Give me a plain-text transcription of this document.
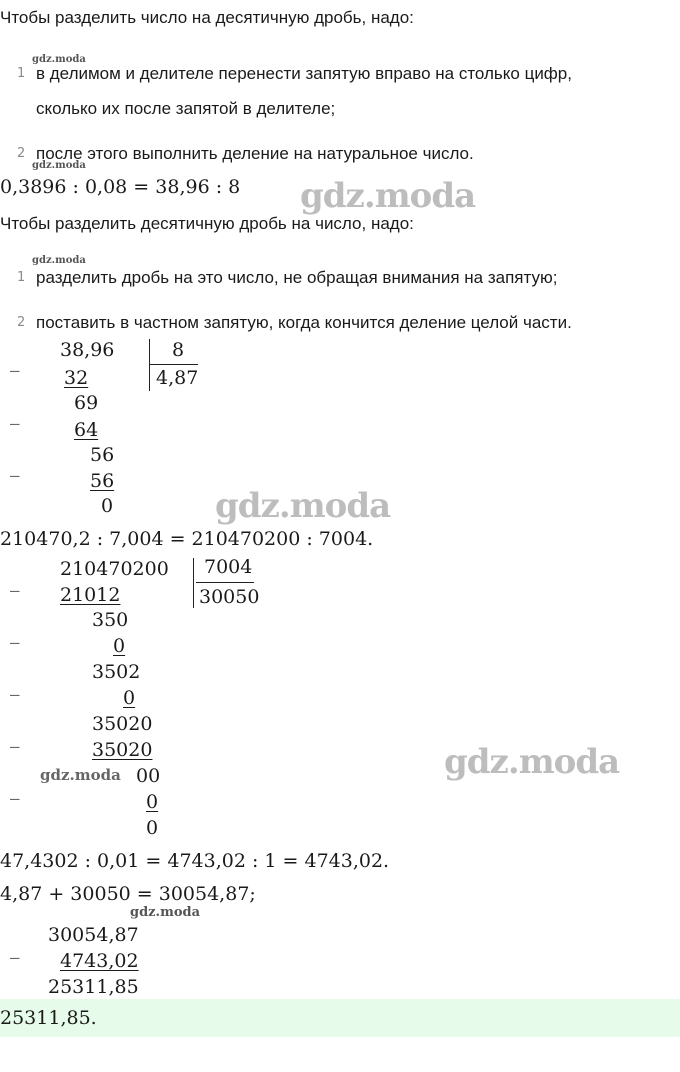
Чтобы разделить число на десятичную дробь, надо:
gdz.moda
1 в делимом и делителе перенести запятую вправо на столько цифр,
сколько их после запятой в делителе;
2 после этого выполнить деление на натуральное число.
gdz.moda
0,3896 : 0,08 = 38,96 : 8 gdz.moda
Чтобы разделить десятичную дробь на число, надо:
gdz.moda
1 разделить дробь на это число, не обращая внимания на запятую;
2 поставить в частном запятую, когда кончится деление целой части.
38,96	8
4,87
_
32
69
_
64
56
_
56
0	gdz.moda
210470,2 : 7,004 = 210470200 : 7004.
210470200 7004
30050
_
21012
350
_
0
3502
_
0
35020
_
35020
00
_
0
0
gdz.moda	gdz.moda
47,4302 : 0,01 = 4743,02 : 1 = 4743,02.
4,87 + 30050 = 30054,87;
gdz.moda
_
30054,87
4743,02
25311,85
25311,85.
